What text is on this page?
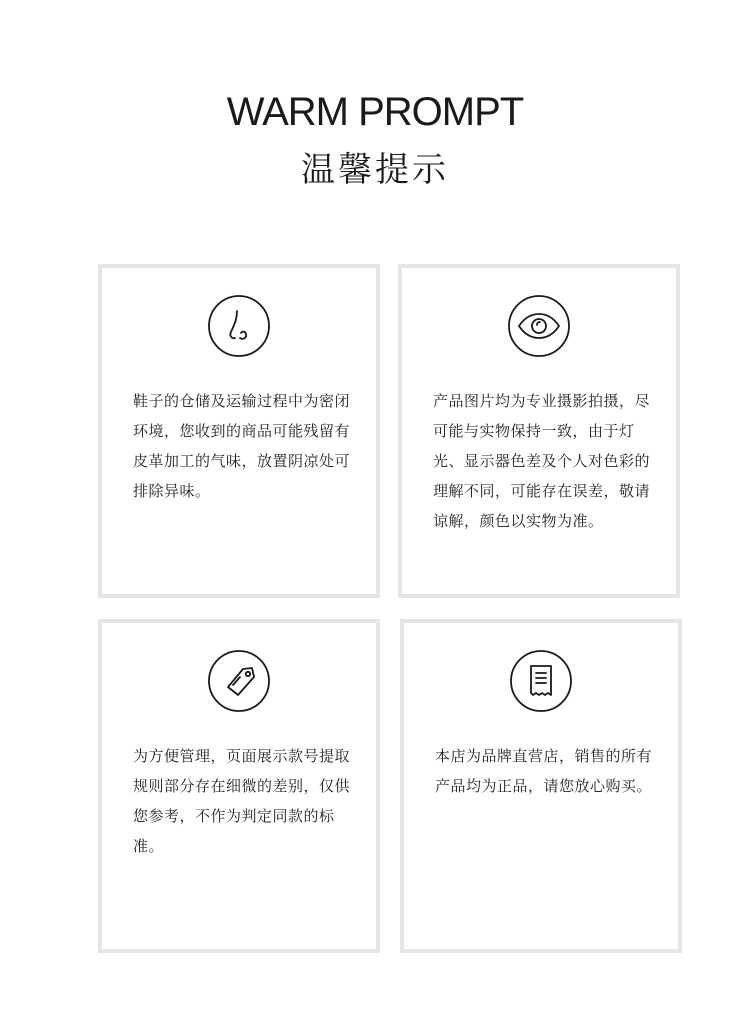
WARM PROMPT
温馨提示
鞋子的仓储及运输过程中为密闭环境，您收到的商品可能残留有皮革加工的气味，放置阴凉处可排除异味。
产品图片均为专业摄影拍摄，尽可能与实物保持一致，由于灯光、显示器色差及个人对色彩的理解不同，可能存在误差，敬请谅解，颜色以实物为准。
为方便管理，页面展示款号提取规则部分存在细微的差别，仅供您参考，不作为判定同款的标准。
本店为品牌直营店，销售的所有产品均为正品，请您放心购买。
